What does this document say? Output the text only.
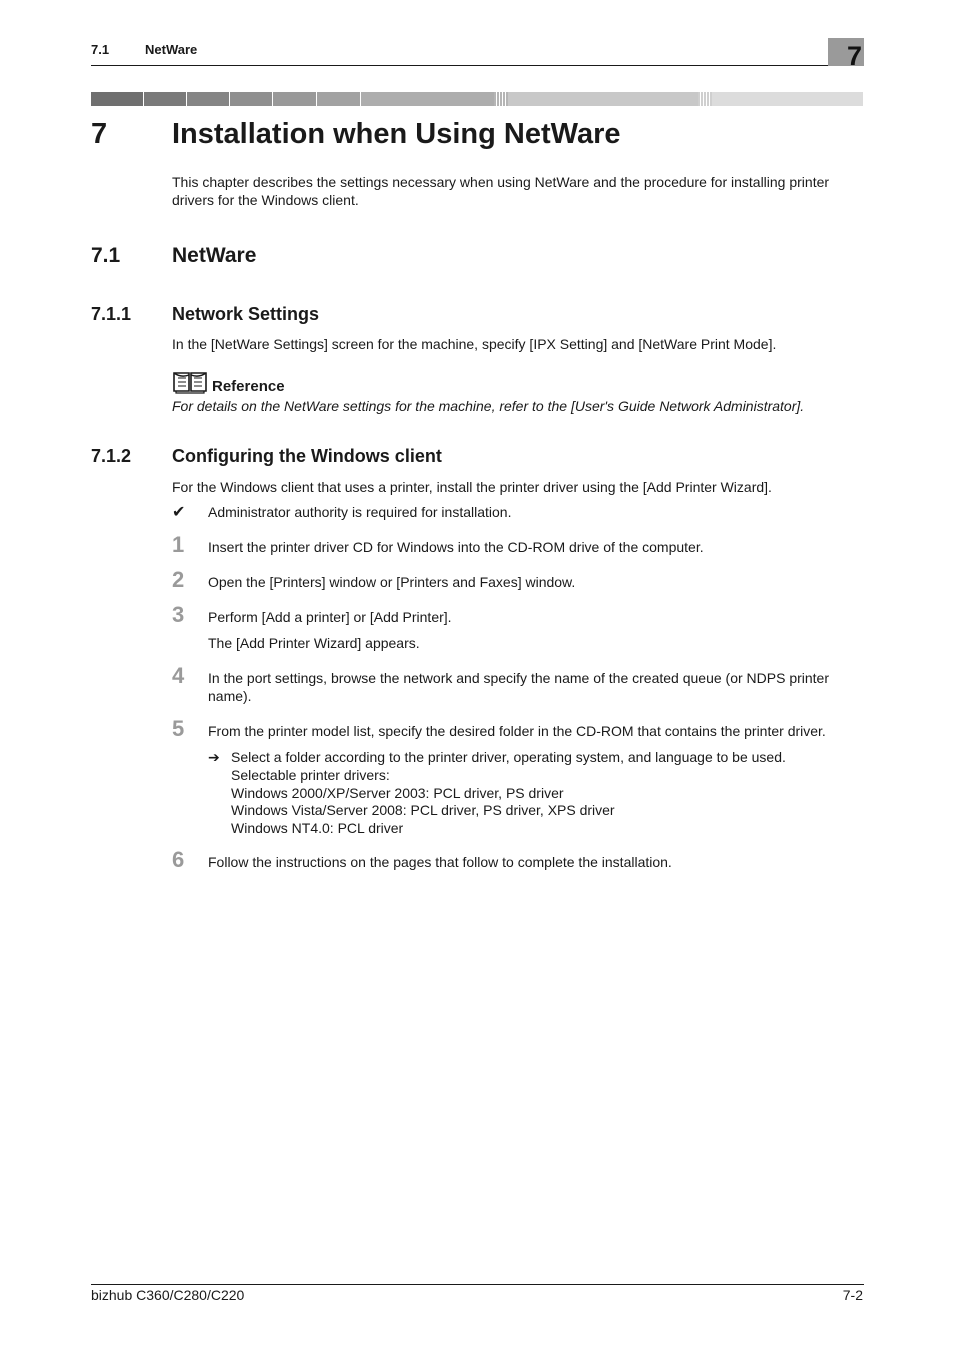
7.1	NetWare	7
7 Installation when Using NetWare
This chapter describes the settings necessary when using NetWare and the procedure for installing printer drivers for the Windows client.
7.1 NetWare
7.1.1 Network Settings
In the [NetWare Settings] screen for the machine, specify [IPX Setting] and [NetWare Print Mode].
Reference
For details on the NetWare settings for the machine, refer to the [User's Guide Network Administrator].
7.1.2 Configuring the Windows client
For the Windows client that uses a printer, install the printer driver using the [Add Printer Wizard].
✔ Administrator authority is required for installation.
1 Insert the printer driver CD for Windows into the CD-ROM drive of the computer.
2 Open the [Printers] window or [Printers and Faxes] window.
3 Perform [Add a printer] or [Add Printer].
The [Add Printer Wizard] appears.
4 In the port settings, browse the network and specify the name of the created queue (or NDPS printer name).
5 From the printer model list, specify the desired folder in the CD-ROM that contains the printer driver.
➔ Select a folder according to the printer driver, operating system, and language to be used.
Selectable printer drivers:
Windows 2000/XP/Server 2003: PCL driver, PS driver
Windows Vista/Server 2008: PCL driver, PS driver, XPS driver
Windows NT4.0: PCL driver
6 Follow the instructions on the pages that follow to complete the installation.
bizhub C360/C280/C220	7-2
